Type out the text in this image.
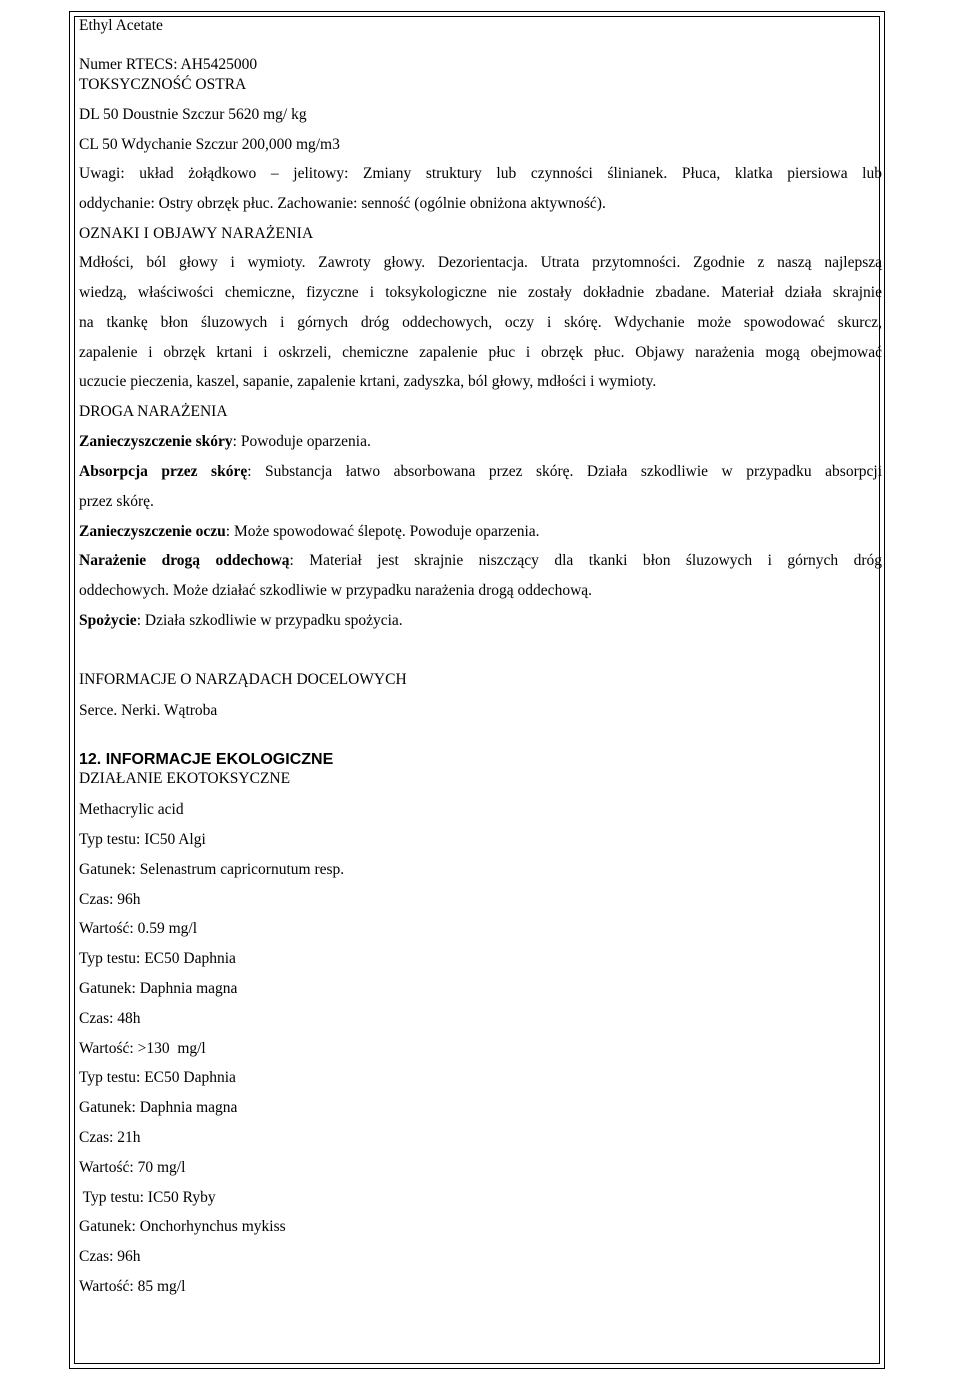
Ethyl Acetate
Numer RTECS: AH5425000
TOKSYCZNOŚĆ OSTRA
DL 50 Doustnie Szczur 5620 mg/ kg
CL 50 Wdychanie Szczur 200,000 mg/m3
Uwagi: układ żołądkowo – jelitowy: Zmiany struktury lub czynności ślinianek. Płuca, klatka piersiowa lub
oddychanie: Ostry obrzęk płuc. Zachowanie: senność (ogólnie obniżona aktywność).
OZNAKI I OBJAWY NARAŻENIA
Mdłości, ból głowy i wymioty. Zawroty głowy. Dezorientacja. Utrata przytomności. Zgodnie z naszą najlepszą
wiedzą, właściwości chemiczne, fizyczne i toksykologiczne nie zostały dokładnie zbadane. Materiał działa skrajnie
na tkankę błon śluzowych i górnych dróg oddechowych, oczy i skórę. Wdychanie może spowodować skurcz,
zapalenie i obrzęk krtani i oskrzeli, chemiczne zapalenie płuc i obrzęk płuc. Objawy narażenia mogą obejmować
uczucie pieczenia, kaszel, sapanie, zapalenie krtani, zadyszka, ból głowy, mdłości i wymioty.
DROGA NARAŻENIA
Zanieczyszczenie skóry: Powoduje oparzenia.
Absorpcja przez skórę: Substancja łatwo absorbowana przez skórę. Działa szkodliwie w przypadku absorpcji
przez skórę.
Zanieczyszczenie oczu: Może spowodować ślepotę. Powoduje oparzenia.
Narażenie drogą oddechową: Materiał jest skrajnie niszczący dla tkanki błon śluzowych i górnych dróg
oddechowych. Może działać szkodliwie w przypadku narażenia drogą oddechową.
Spożycie: Działa szkodliwie w przypadku spożycia.
INFORMACJE O NARZĄDACH DOCELOWYCH
Serce. Nerki. Wątroba
12. INFORMACJE EKOLOGICZNE
DZIAŁANIE EKOTOKSYCZNE
Methacrylic acid
Typ testu: IC50 Algi
Gatunek: Selenastrum capricornutum resp.
Czas: 96h
Wartość: 0.59 mg/l
Typ testu: EC50 Daphnia
Gatunek: Daphnia magna
Czas: 48h
Wartość: >130  mg/l
Typ testu: EC50 Daphnia
Gatunek: Daphnia magna
Czas: 21h
Wartość: 70 mg/l
Typ testu: IC50 Ryby
Gatunek: Onchorhynchus mykiss
Czas: 96h
Wartość: 85 mg/l
